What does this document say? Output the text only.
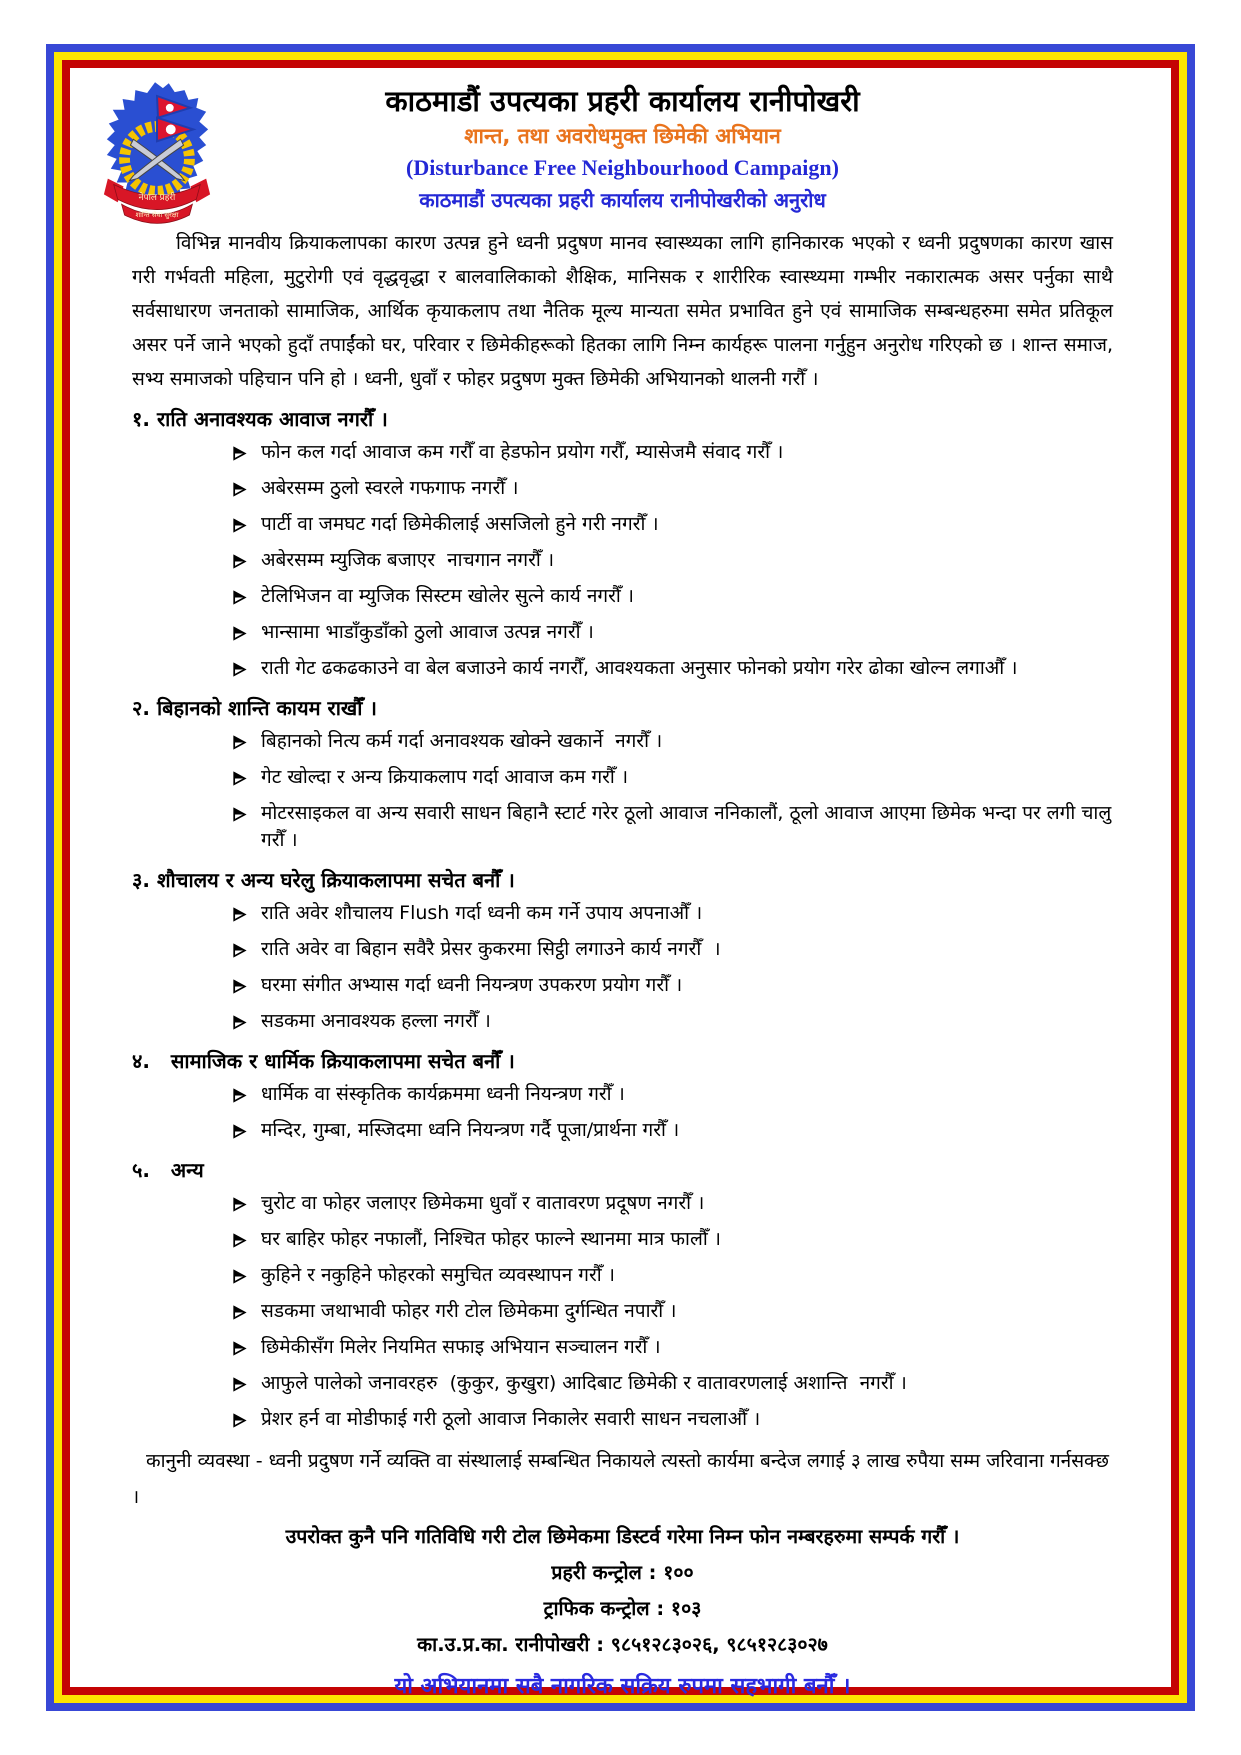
नेपाल प्रहरी
शान्ति सेवा सुरक्षा
काठमाडौं उपत्यका प्रहरी कार्यालय रानीपोखरी
शान्त, तथा अवरोधमुक्त छिमेकी अभियान
(Disturbance Free Neighbourhood Campaign)
काठमाडौं उपत्यका प्रहरी कार्यालय रानीपोखरीको अनुरोध
विभिन्न मानवीय क्रियाकलापका कारण उत्पन्न हुने ध्वनी प्रदुषण मानव स्वास्थ्यका लागि हानिकारक भएको र ध्वनी प्रदुषणका कारण खास गरी गर्भवती महिला, मुटुरोगी एवं वृद्धवृद्धा र बालवालिकाको शैक्षिक, मानिसक र शारीरिक स्वास्थ्यमा गम्भीर नकारात्मक असर पर्नुका साथै सर्वसाधारण जनताको सामाजिक, आर्थिक कृयाकलाप तथा नैतिक मूल्य मान्यता समेत प्रभावित हुने एवं सामाजिक सम्बन्धहरुमा समेत प्रतिकूल असर पर्ने जाने भएको हुदाँ तपाईंको घर, परिवार र छिमेकीहरूको हितका लागि निम्न कार्यहरू पालना गर्नुहुन अनुरोध गरिएको छ । शान्त समाज, सभ्य समाजको पहिचान पनि हो । ध्वनी, धुवाँ र फोहर प्रदुषण मुक्त छिमेकी अभियानको थालनी गरौँ ।
१. राति अनावश्यक आवाज नगरौँ ।
फोन कल गर्दा आवाज कम गरौँ वा हेडफोन प्रयोग गरौँ, म्यासेजमै संवाद गरौँ ।
अबेरसम्म ठुलो स्वरले गफगाफ नगरौँ ।
पार्टी वा जमघट गर्दा छिमेकीलाई असजिलो हुने गरी नगरौँ ।
अबेरसम्म म्युजिक बजाएर  नाचगान नगरौँ ।
टेलिभिजन वा म्युजिक सिस्टम खोलेर सुत्ने कार्य नगरौँ ।
भान्सामा भाडाँकुडाँको ठुलो आवाज उत्पन्न नगरौँ ।
राती गेट ढकढकाउने वा बेल बजाउने कार्य नगरौँ, आवश्यकता अनुसार फोनको प्रयोग गरेर ढोका खोल्न लगाऔँ ।
२. बिहानको शान्ति कायम राखौँ ।
बिहानको नित्य कर्म गर्दा अनावश्यक खोक्ने खकार्ने  नगरौँ ।
गेट खोल्दा र अन्य क्रियाकलाप गर्दा आवाज कम गरौँ ।
मोटरसाइकल वा अन्य सवारी साधन बिहानै स्टार्ट गरेर ठूलो आवाज ननिकालौं, ठूलो आवाज आएमा छिमेक भन्दा पर लगी चालु गरौँ ।
३. शौचालय र अन्य घरेलु क्रियाकलापमा सचेत बनौँ ।
राति अवेर शौचालय Flush गर्दा ध्वनी कम गर्ने उपाय अपनाऔँ ।
राति अवेर वा बिहान सवैरै प्रेसर कुकरमा सिट्ठी लगाउने कार्य नगरौँ  ।
घरमा संगीत अभ्यास गर्दा ध्वनी नियन्त्रण उपकरण प्रयोग गरौँ ।
सडकमा अनावश्यक हल्ला नगरौँ ।
४.   सामाजिक र धार्मिक क्रियाकलापमा सचेत बनौँ ।
धार्मिक वा संस्कृतिक कार्यक्रममा ध्वनी नियन्त्रण गरौँ ।
मन्दिर, गुम्बा, मस्जिदमा ध्वनि नियन्त्रण गर्दै पूजा/प्रार्थना गरौँ ।
५.   अन्य
चुरोट वा फोहर जलाएर छिमेकमा धुवाँ र वातावरण प्रदूषण नगरौँ ।
घर बाहिर फोहर नफालौं, निश्चित फोहर फाल्ने स्थानमा मात्र फालौँ ।
कुहिने र नकुहिने फोहरको समुचित व्यवस्थापन गरौँ ।
सडकमा जथाभावी फोहर गरी टोल छिमेकमा दुर्गन्धित नपारौँ ।
छिमेकीसँग मिलेर नियमित सफाइ अभियान सञ्चालन गरौँ ।
आफुले पालेको जनावरहरु  (कुकुर, कुखुरा) आदिबाट छिमेकी र वातावरणलाई अशान्ति  नगरौँ ।
प्रेशर हर्न वा मोडीफाई गरी ठूलो आवाज निकालेर सवारी साधन नचलाऔँ ।
कानुनी व्यवस्था - ध्वनी प्रदुषण गर्ने व्यक्ति वा संस्थालाई सम्बन्धित निकायले त्यस्तो कार्यमा बन्देज लगाई ३ लाख रुपैया सम्म जरिवाना गर्नसक्छ ।
उपरोक्त कुनै पनि गतिविधि गरी टोल छिमेकमा डिस्टर्व गरेमा निम्न फोन नम्बरहरुमा सम्पर्क गरौँ ।
प्रहरी कन्ट्रोल : १००
ट्राफिक कन्ट्रोल : १०३
का.उ.प्र.का. रानीपोखरी : ९८५१२८३०२६, ९८५१२८३०२७
यो अभियानमा सबै नागरिक सक्रिय रुपमा सहभागी बनौँ ।
